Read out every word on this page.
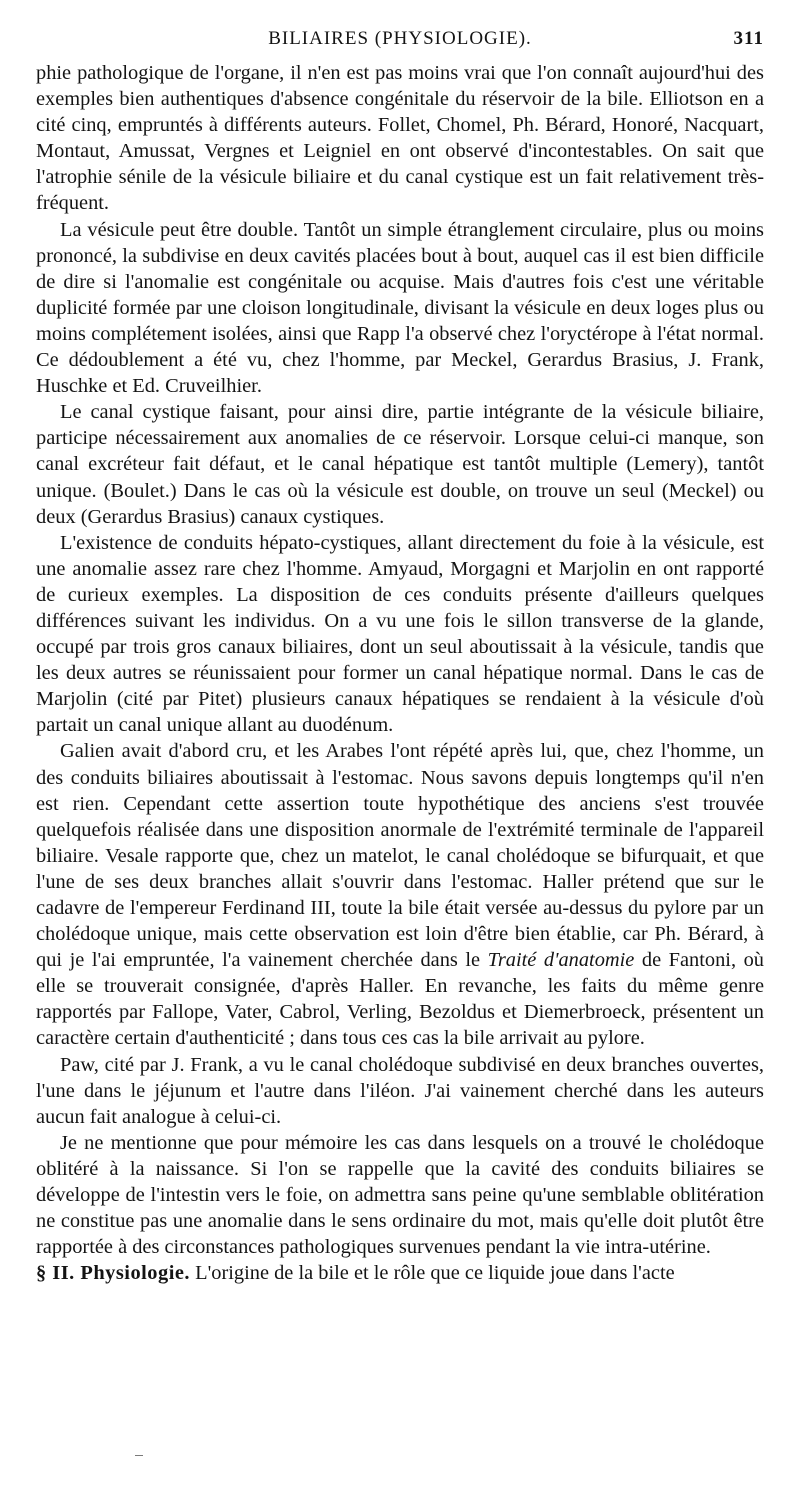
BILIAIRES (PHYSIOLOGIE).	311

phie pathologique de l'organe, il n'en est pas moins vrai que l'on connaît aujourd'hui des exemples bien authentiques d'absence congénitale du réservoir de la bile. Elliotson en a cité cinq, empruntés à différents auteurs. Follet, Chomel, Ph. Bérard, Honoré, Nacquart, Montaut, Amussat, Vergnes et Leigniel en ont observé d'incontestables. On sait que l'atrophie sénile de la vésicule biliaire et du canal cystique est un fait relativement très-fréquent.

La vésicule peut être double. Tantôt un simple étranglement circulaire, plus ou moins prononcé, la subdivise en deux cavités placées bout à bout, auquel cas il est bien difficile de dire si l'anomalie est congénitale ou acquise. Mais d'autres fois c'est une véritable duplicité formée par une cloison longitudinale, divisant la vésicule en deux loges plus ou moins complétement isolées, ainsi que Rapp l'a observé chez l'oryctérope à l'état normal. Ce dédoublement a été vu, chez l'homme, par Meckel, Gerardus Brasius, J. Frank, Huschke et Ed. Cruveilhier.

Le canal cystique faisant, pour ainsi dire, partie intégrante de la vésicule biliaire, participe nécessairement aux anomalies de ce réservoir. Lorsque celui-ci manque, son canal excréteur fait défaut, et le canal hépatique est tantôt multiple (Lemery), tantôt unique. (Boulet.) Dans le cas où la vésicule est double, on trouve un seul (Meckel) ou deux (Gerardus Brasius) canaux cystiques.

L'existence de conduits hépato-cystiques, allant directement du foie à la vésicule, est une anomalie assez rare chez l'homme. Amyaud, Morgagni et Marjolin en ont rapporté de curieux exemples. La disposition de ces conduits présente d'ailleurs quelques différences suivant les individus. On a vu une fois le sillon transverse de la glande, occupé par trois gros canaux biliaires, dont un seul aboutissait à la vésicule, tandis que les deux autres se réunissaient pour former un canal hépatique normal. Dans le cas de Marjolin (cité par Pitet) plusieurs canaux hépatiques se rendaient à la vésicule d'où partait un canal unique allant au duodénum.

Galien avait d'abord cru, et les Arabes l'ont répété après lui, que, chez l'homme, un des conduits biliaires aboutissait à l'estomac. Nous savons depuis longtemps qu'il n'en est rien. Cependant cette assertion toute hypothétique des anciens s'est trouvée quelquefois réalisée dans une disposition anormale de l'extrémité terminale de l'appareil biliaire. Vesale rapporte que, chez un matelot, le canal cholédoque se bifurquait, et que l'une de ses deux branches allait s'ouvrir dans l'estomac. Haller prétend que sur le cadavre de l'empereur Ferdinand III, toute la bile était versée au-dessus du pylore par un cholédoque unique, mais cette observation est loin d'être bien établie, car Ph. Bérard, à qui je l'ai empruntée, l'a vainement cherchée dans le Traité d'anatomie de Fantoni, où elle se trouverait consignée, d'après Haller. En revanche, les faits du même genre rapportés par Fallope, Vater, Cabrol, Verling, Bezoldus et Diemerbroeck, présentent un caractère certain d'authenticité ; dans tous ces cas la bile arrivait au pylore.

Paw, cité par J. Frank, a vu le canal cholédoque subdivisé en deux branches ouvertes, l'une dans le jéjunum et l'autre dans l'iléon. J'ai vainement cherché dans les auteurs aucun fait analogue à celui-ci.

Je ne mentionne que pour mémoire les cas dans lesquels on a trouvé le cholédoque oblitéré à la naissance. Si l'on se rappelle que la cavité des conduits biliaires se développe de l'intestin vers le foie, on admettra sans peine qu'une semblable oblitération ne constitue pas une anomalie dans le sens ordinaire du mot, mais qu'elle doit plutôt être rapportée à des circonstances pathologiques survenues pendant la vie intra-utérine.

§ II. Physiologie. L'origine de la bile et le rôle que ce liquide joue dans l'acte
